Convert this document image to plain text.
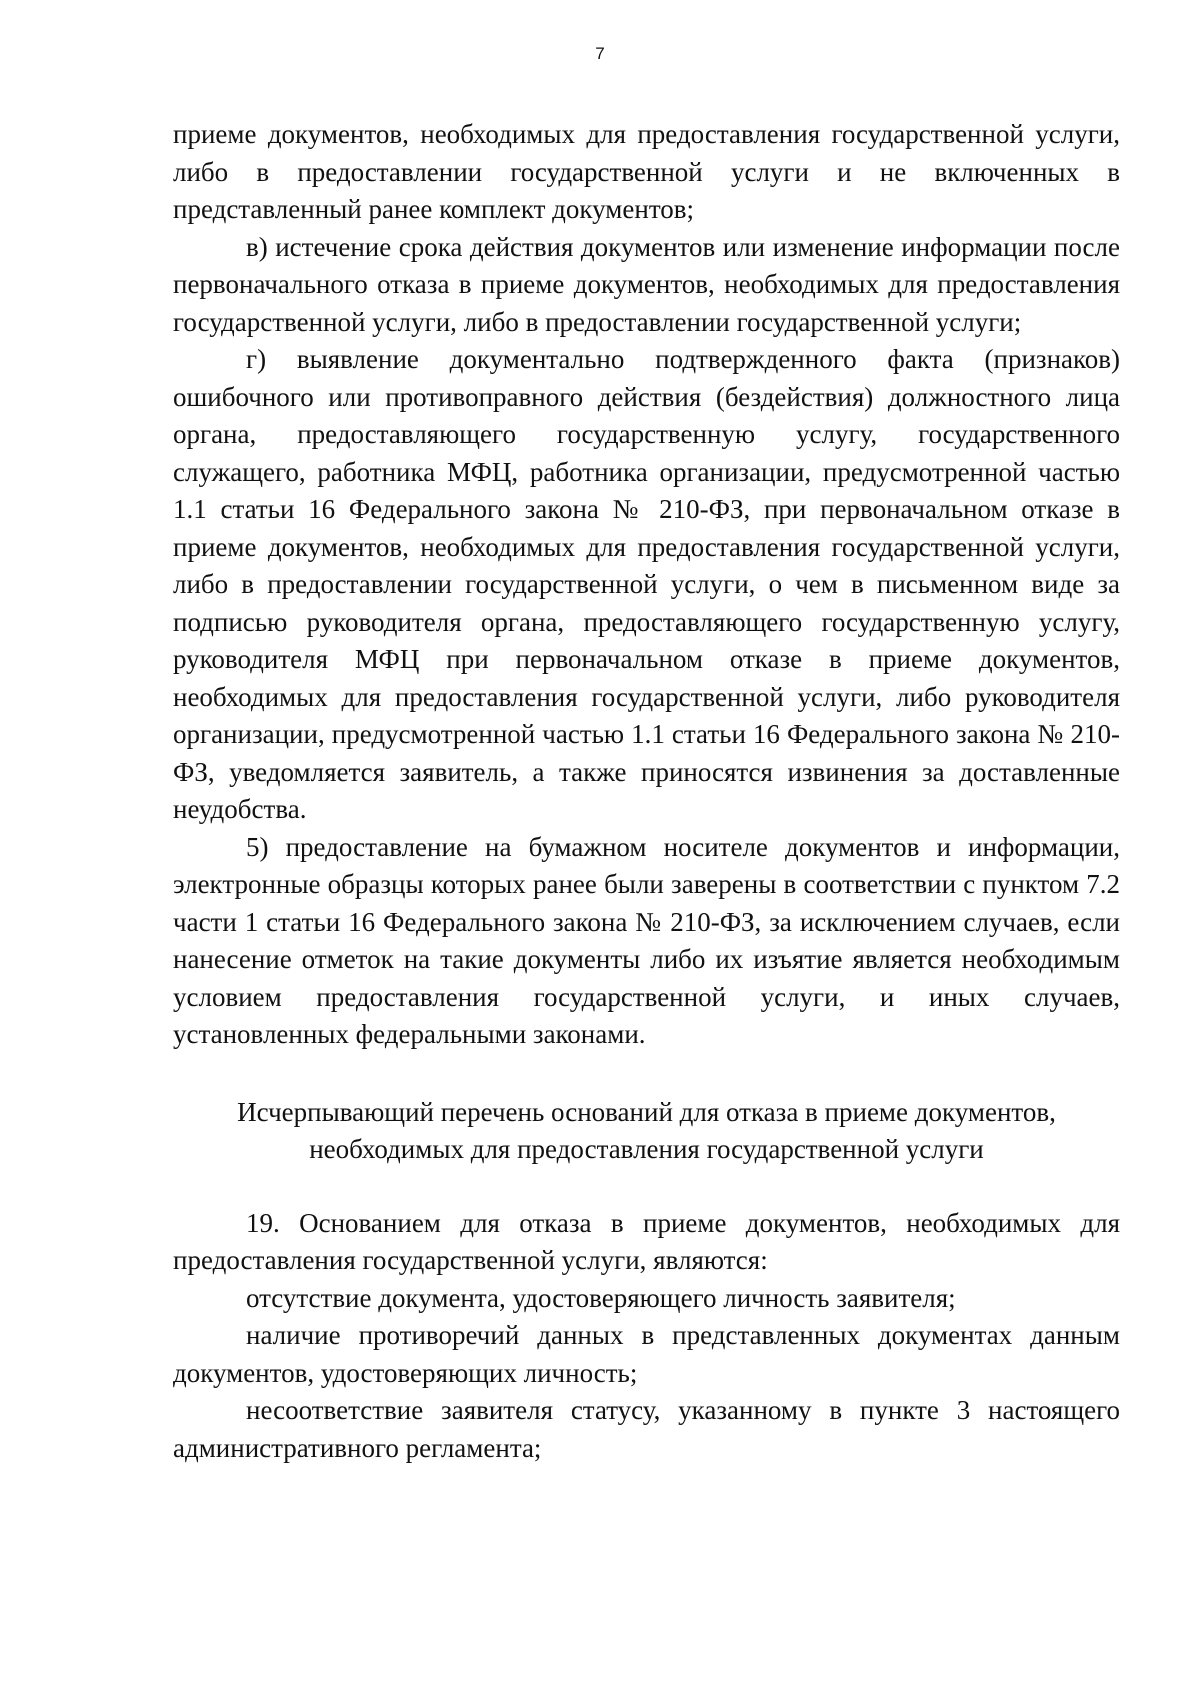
7

приеме документов, необходимых для предоставления государственной услуги, либо в предоставлении государственной услуги и не включенных в представленный ранее комплект документов;

в) истечение срока действия документов или изменение информации после первоначального отказа в приеме документов, необходимых для предоставления государственной услуги, либо в предоставлении государственной услуги;

г) выявление документально подтвержденного факта (признаков) ошибочного или противоправного действия (бездействия) должностного лица органа, предоставляющего государственную услугу, государственного служащего, работника МФЦ, работника организации, предусмотренной частью 1.1 статьи 16 Федерального закона № 210-ФЗ, при первоначальном отказе в приеме документов, необходимых для предоставления государственной услуги, либо в предоставлении государственной услуги, о чем в письменном виде за подписью руководителя органа, предоставляющего государственную услугу, руководителя МФЦ при первоначальном отказе в приеме документов, необходимых для предоставления государственной услуги, либо руководителя организации, предусмотренной частью 1.1 статьи 16 Федерального закона № 210-ФЗ, уведомляется заявитель, а также приносятся извинения за доставленные неудобства.

5) предоставление на бумажном носителе документов и информации, электронные образцы которых ранее были заверены в соответствии с пунктом 7.2 части 1 статьи 16 Федерального закона № 210-ФЗ, за исключением случаев, если нанесение отметок на такие документы либо их изъятие является необходимым условием предоставления государственной услуги, и иных случаев, установленных федеральными законами.

Исчерпывающий перечень оснований для отказа в приеме документов,
необходимых для предоставления государственной услуги

19. Основанием для отказа в приеме документов, необходимых для предоставления государственной услуги, являются:

отсутствие документа, удостоверяющего личность заявителя;

наличие противоречий данных в представленных документах данным документов, удостоверяющих личность;

несоответствие заявителя статусу, указанному в пункте 3 настоящего административного регламента;
